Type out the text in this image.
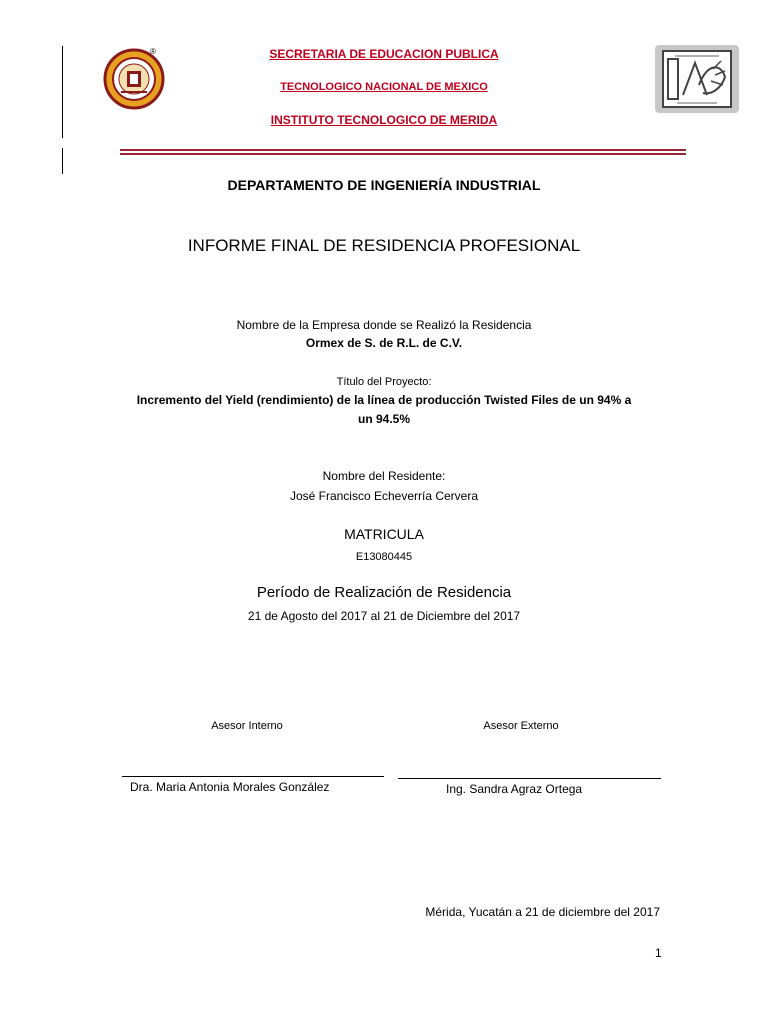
®	SECRETARIA DE EDUCACION PUBLICA
TECNOLOGICO NACIONAL DE MEXICO
INSTITUTO TECNOLOGICO DE MERIDA
DEPARTAMENTO DE INGENIERÍA INDUSTRIAL
INFORME FINAL DE RESIDENCIA PROFESIONAL
Nombre de la Empresa donde se Realizó la Residencia
Ormex de S. de R.L. de C.V.
Título del Proyecto:
Incremento del Yield (rendimiento) de la línea de producción Twisted Files de un 94% a
un 94.5%
Nombre del Residente:
José Francisco Echeverría Cervera
MATRICULA
E13080445
Período de Realización de Residencia
21 de Agosto del 2017 al 21 de Diciembre del 2017
Asesor Interno	Asesor Externo
Dra. Maria Antonia Morales González	Ing. Sandra Agraz Ortega
Mérida, Yucatán a 21 de diciembre del 2017
1
